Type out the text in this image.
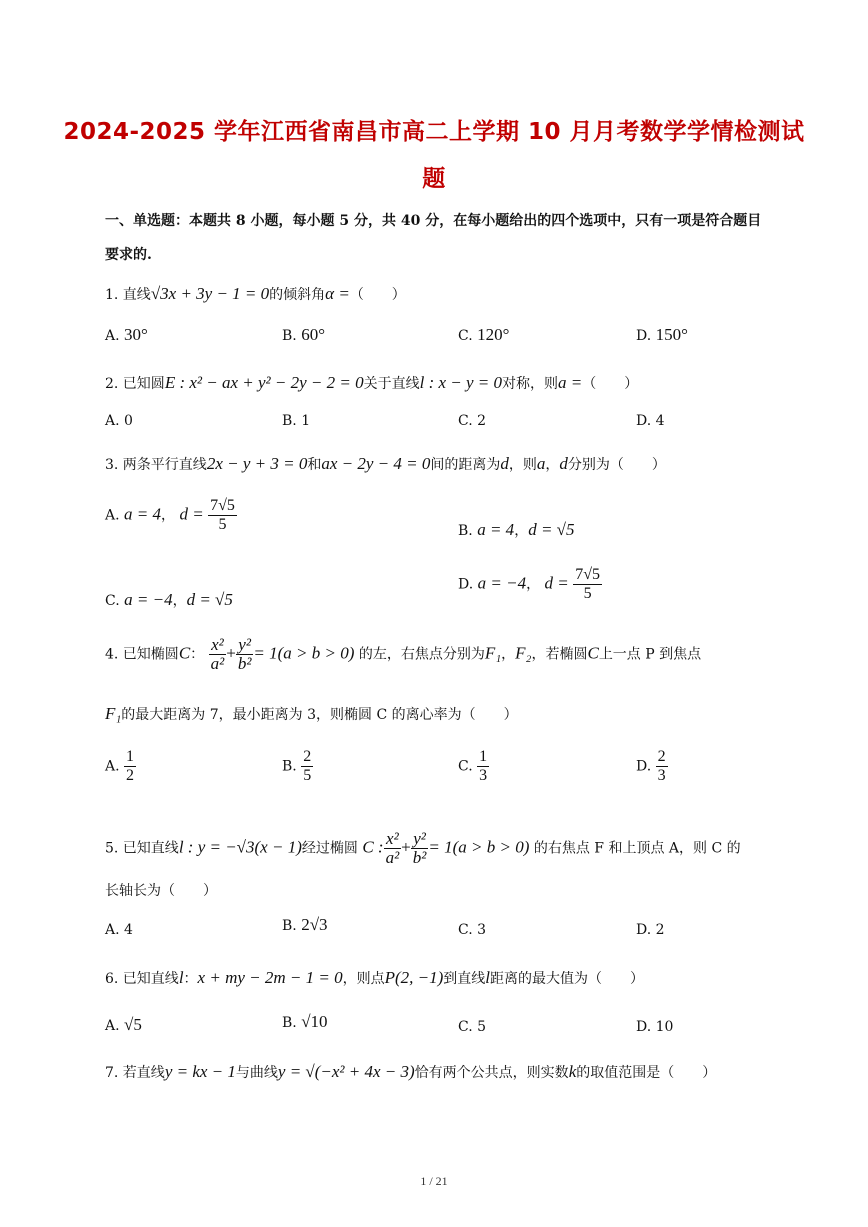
2024-2025 学年江西省南昌市高二上学期 10 月月考数学学情检测试
题
一、单选题：本题共 8 小题，每小题 5 分，共 40 分，在每小题给出的四个选项中，只有一项是符合题目要求的.
1. 直线√3x + 3y − 1 = 0的倾斜角α =（　　）
A. 30°	B. 60°	C. 120°	D. 150°
2. 已知圆E : x² − ax + y² − 2y − 2 = 0关于直线l : x − y = 0对称，则a =（　　）
A. 0	B. 1	C. 2	D. 4
3. 两条平行直线2x − y + 3 = 0和ax − 2y − 4 = 0间的距离为d，则a，d分别为（　　）
A. a = 4， $d = \frac{7√5}{5}$	B. a = 4，d = √5
C. a = −4，d = √5
D. a = −4， $d = \frac{7√5}{5}$
4. 已知椭圆C： $\frac{\text{x²}}{\text{a²}} + \frac{\text{y²}}{\text{b²}} = 1(a > b > 0)$ 的左，右焦点分别为F₁，F₂，若椭圆C上一点 P 到焦点
F₁的最大距离为 7，最小距离为 3，则椭圆 C 的离心率为（　　）
A. $\frac{1}{2}$	B. $\frac{2}{5}$	C. $\frac{1}{3}$	D. $\frac{2}{3}$
5. 已知直线l : y = −√3(x − 1)经过椭圆 C : $\frac{\text{x²}}{\text{a²}} + \frac{\text{y²}}{\text{b²}} = 1(a > b > 0)$ 的右焦点 F 和上顶点 A，则 C 的
长轴长为（　　）
A. 4	B. 2√3	C. 3	D. 2
6. 已知直线l：x + my − 2m − 1 = 0，则点P(2, −1)到直线l距离的最大值为（　　）
A. √5	B. √10	C. 5	D. 10
7. 若直线y = kx − 1与曲线y = √(−x² + 4x − 3)恰有两个公共点，则实数k的取值范围是（　　）
1 / 21
